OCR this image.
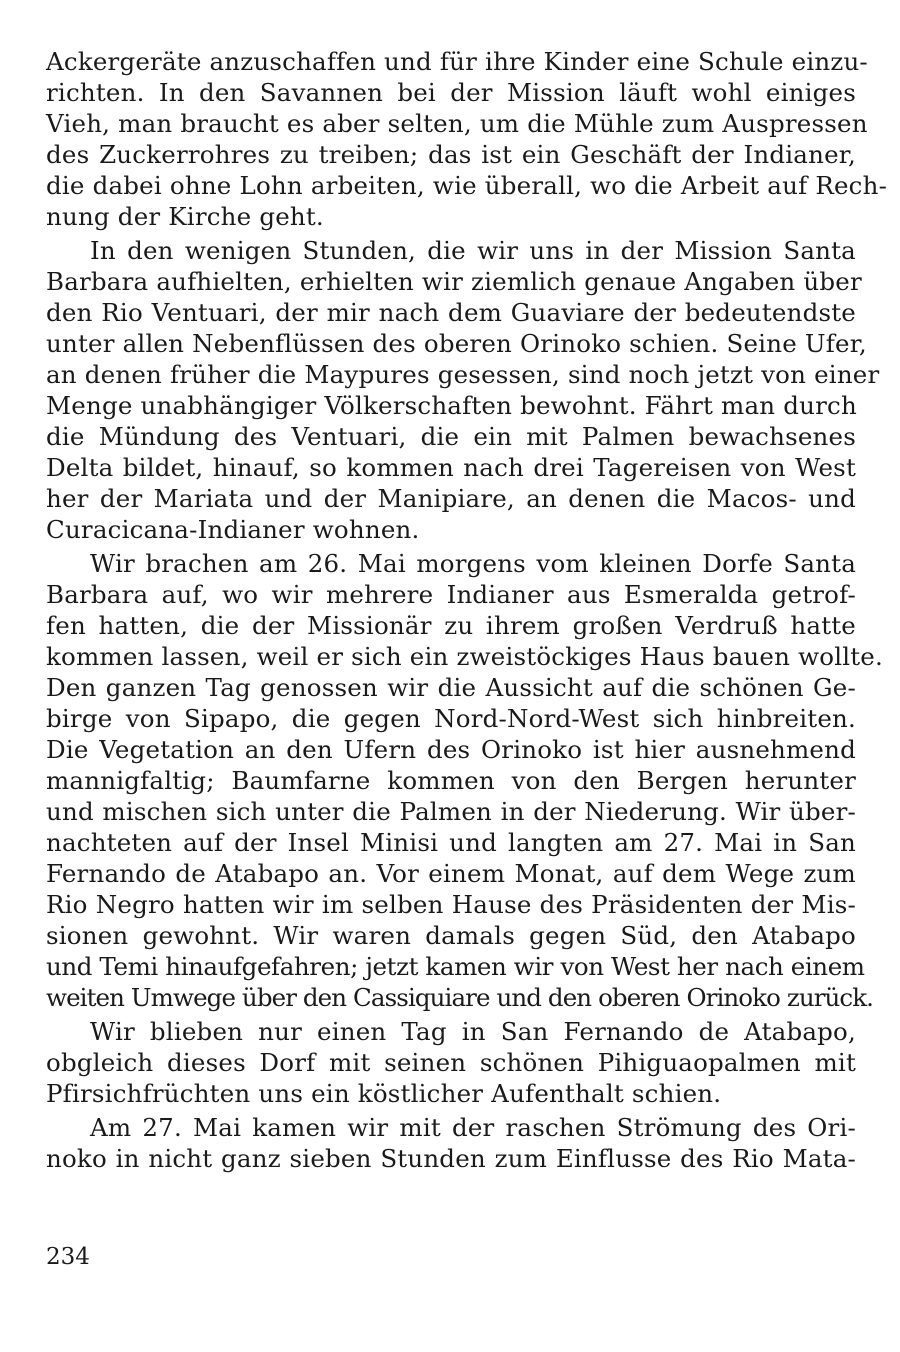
Ackergeräte anzuschaffen und für ihre Kinder eine Schule einzu-
richten. In den Savannen bei der Mission läuft wohl einiges
Vieh, man braucht es aber selten, um die Mühle zum Auspressen
des Zuckerrohres zu treiben; das ist ein Geschäft der Indianer,
die dabei ohne Lohn arbeiten, wie überall, wo die Arbeit auf Rech-
nung der Kirche geht.
In den wenigen Stunden, die wir uns in der Mission Santa
Barbara aufhielten, erhielten wir ziemlich genaue Angaben über
den Rio Ventuari, der mir nach dem Guaviare der bedeutendste
unter allen Nebenflüssen des oberen Orinoko schien. Seine Ufer,
an denen früher die Maypures gesessen, sind noch jetzt von einer
Menge unabhängiger Völkerschaften bewohnt. Fährt man durch
die Mündung des Ventuari, die ein mit Palmen bewachsenes
Delta bildet, hinauf, so kommen nach drei Tagereisen von West
her der Mariata und der Manipiare, an denen die Macos- und
Curacicana-Indianer wohnen.
Wir brachen am 26. Mai morgens vom kleinen Dorfe Santa
Barbara auf, wo wir mehrere Indianer aus Esmeralda getrof-
fen hatten, die der Missionär zu ihrem großen Verdruß hatte
kommen lassen, weil er sich ein zweistöckiges Haus bauen wollte.
Den ganzen Tag genossen wir die Aussicht auf die schönen Ge-
birge von Sipapo, die gegen Nord-Nord-West sich hinbreiten.
Die Vegetation an den Ufern des Orinoko ist hier ausnehmend
mannigfaltig; Baumfarne kommen von den Bergen herunter
und mischen sich unter die Palmen in der Niederung. Wir über-
nachteten auf der Insel Minisi und langten am 27. Mai in San
Fernando de Atabapo an. Vor einem Monat, auf dem Wege zum
Rio Negro hatten wir im selben Hause des Präsidenten der Mis-
sionen gewohnt. Wir waren damals gegen Süd, den Atabapo
und Temi hinaufgefahren; jetzt kamen wir von West her nach einem
weiten Umwege über den Cassiquiare und den oberen Orinoko zurück.
Wir blieben nur einen Tag in San Fernando de Atabapo,
obgleich dieses Dorf mit seinen schönen Pihiguaopalmen mit
Pfirsichfrüchten uns ein köstlicher Aufenthalt schien.
Am 27. Mai kamen wir mit der raschen Strömung des Ori-
noko in nicht ganz sieben Stunden zum Einflusse des Rio Mata-
234
